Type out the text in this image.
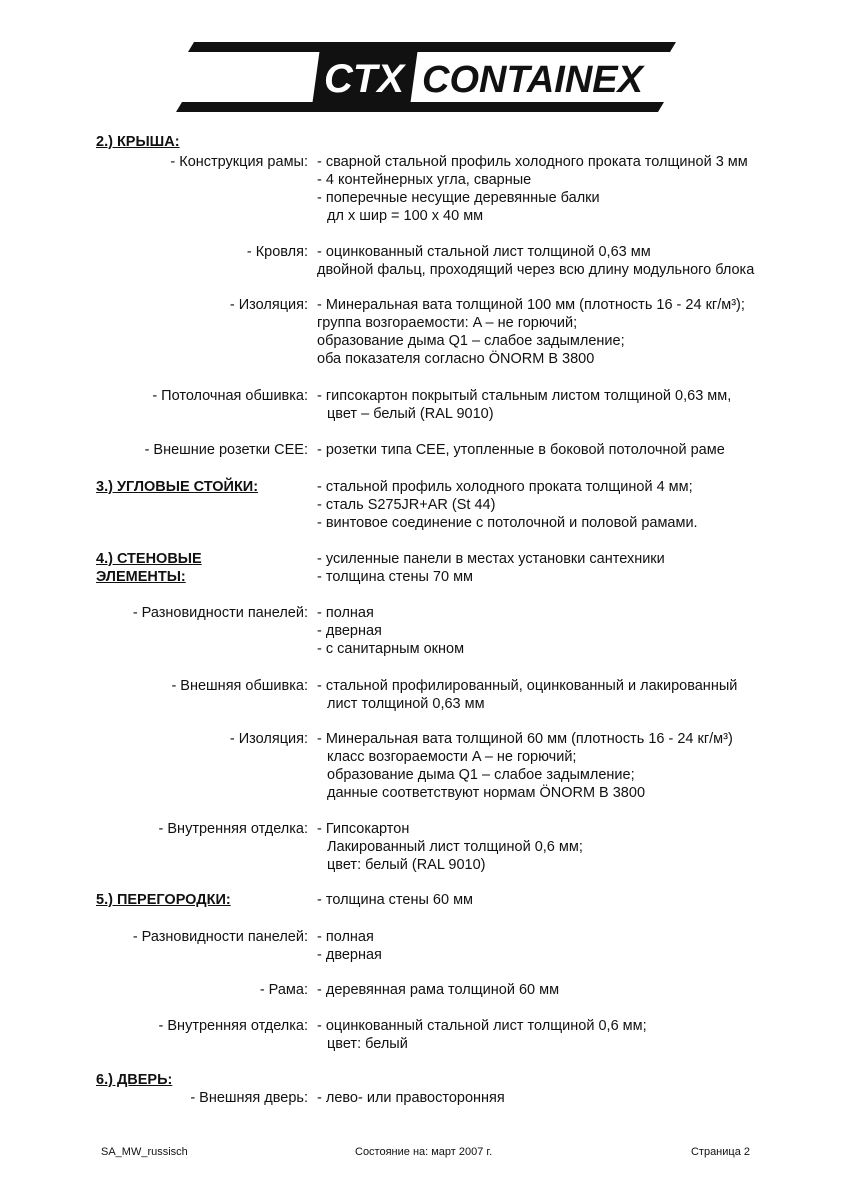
CTX CONTAINEX
2.) КРЫША:
- Конструкция рамы: - сварной стальной профиль холодного проката толщиной 3 мм
- 4 контейнерных угла, сварные
- поперечные несущие деревянные балки
дл х шир = 100 х 40 мм
- Кровля: - оцинкованный стальной лист толщиной 0,63 мм
двойной фальц, проходящий через всю длину модульного блока
- Изоляция: - Минеральная вата толщиной 100 мм (плотность 16 - 24 кг/м³);
группа возгораемости: A – не горючий;
образование дыма Q1 – слабое задымление;
оба показателя согласно ÖNORM B 3800
- Потолочная обшивка: - гипсокартон покрытый стальным листом толщиной 0,63 мм,
цвет – белый (RAL 9010)
- Внешние розетки CEE: - розетки типа CEE, утопленные в боковой потолочной раме
3.) УГЛОВЫЕ СТОЙКИ:	- стальной профиль холодного проката толщиной 4 мм;
- сталь S275JR+AR (St 44)
- винтовое соединение с потолочной и половой рамами.
4.) СТЕНОВЫЕ
ЭЛЕМЕНТЫ:
- усиленные панели в местах установки сантехники
- толщина стены 70 мм
- Разновидности панелей: - полная
- дверная
- с санитарным окном
- Внешняя обшивка: - стальной профилированный, оцинкованный и лакированный
лист толщиной 0,63 мм
- Изоляция: - Минеральная вата толщиной 60 мм (плотность 16 - 24 кг/м³)
класс возгораемости A – не горючий;
образование дыма Q1 – слабое задымление;
данные соответствуют нормам ÖNORM B 3800
- Внутренняя отделка: - Гипсокартон
Лакированный лист толщиной 0,6 мм;
цвет: белый (RAL 9010)
5.) ПЕРЕГОРОДКИ:	- толщина стены 60 мм
- Разновидности панелей: - полная
- дверная
- Рама: - деревянная рама толщиной 60 мм
- Внутренняя отделка: - оцинкованный стальной лист толщиной 0,6 мм;
цвет: белый
6.) ДВЕРЬ:
- Внешняя дверь: - лево- или правосторонняя
SA_MW_russisch	Состояние на: март 2007 г.	Страница 2
